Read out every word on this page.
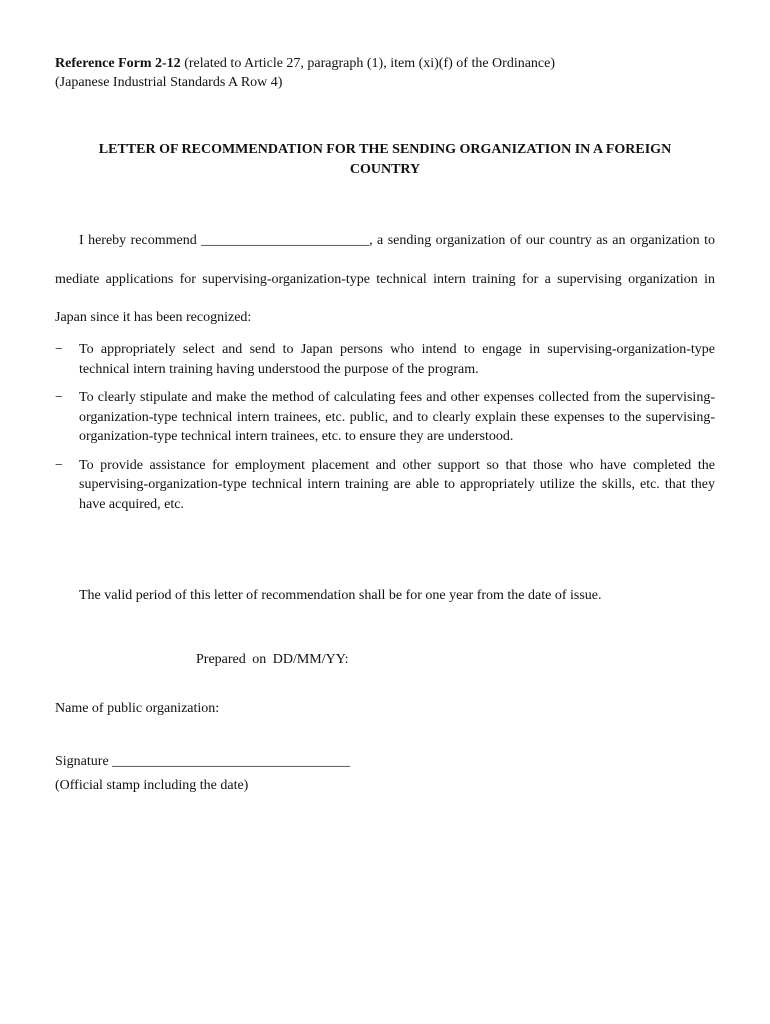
Reference Form 2-12 (related to Article 27, paragraph (1), item (xi)(f) of the Ordinance)
(Japanese Industrial Standards A Row 4)
LETTER OF RECOMMENDATION FOR THE SENDING ORGANIZATION IN A FOREIGN
COUNTRY
I hereby recommend ________________________, a sending organization of our country as an organization to mediate applications for supervising-organization-type technical intern training for a supervising organization in Japan since it has been recognized:
− To appropriately select and send to Japan persons who intend to engage in supervising-organization-type technical intern training having understood the purpose of the program.
− To clearly stipulate and make the method of calculating fees and other expenses collected from the supervising-organization-type technical intern trainees, etc. public, and to clearly explain these expenses to the supervising-organization-type technical intern trainees, etc. to ensure they are understood.
− To provide assistance for employment placement and other support so that those who have completed the supervising-organization-type technical intern training are able to appropriately utilize the skills, etc. that they have acquired, etc.
The valid period of this letter of recommendation shall be for one year from the date of issue.
Prepared on DD/MM/YY:
Name of public organization:
Signature __________________________________
(Official stamp including the date)
